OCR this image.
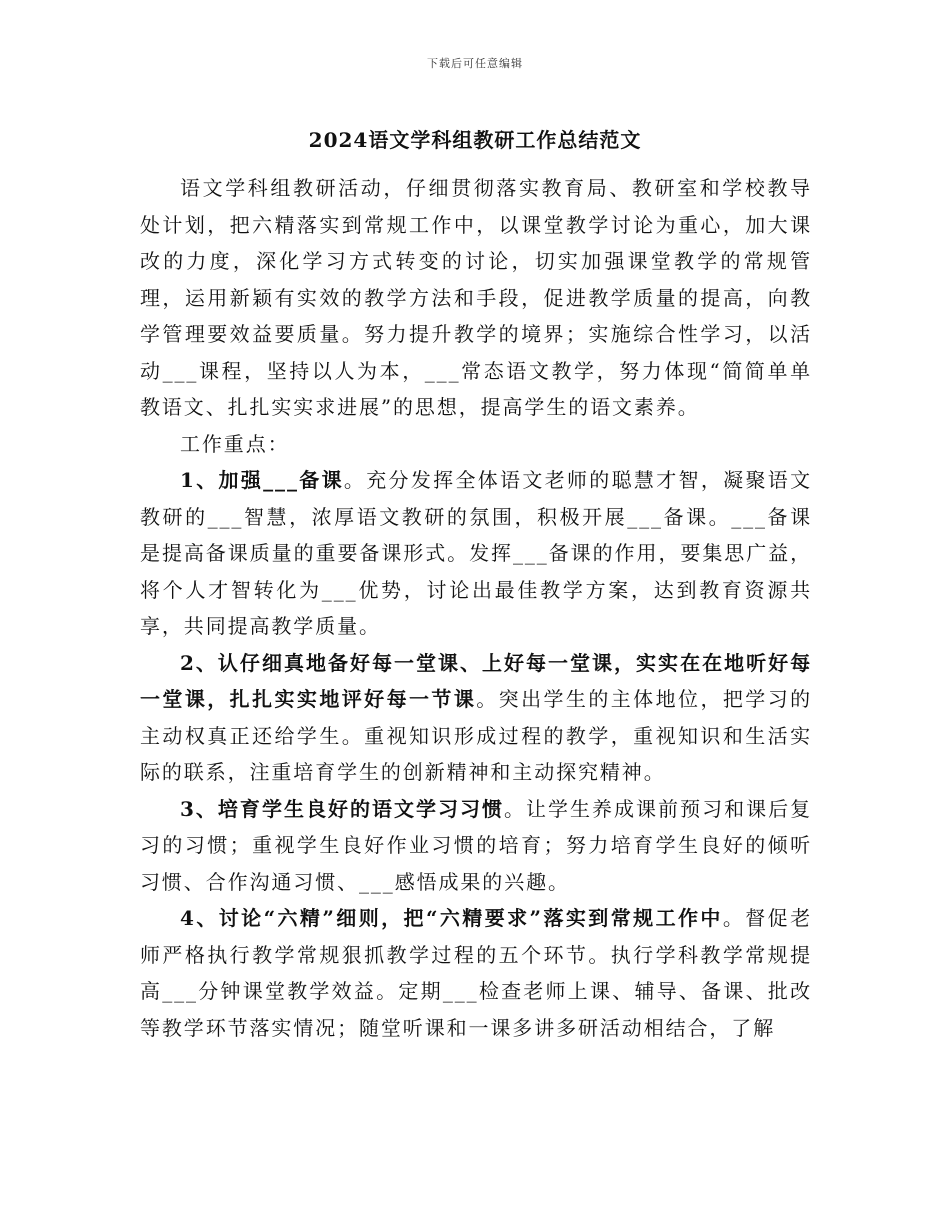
下载后可任意编辑
2024语文学科组教研工作总结范文

语文学科组教研活动，仔细贯彻落实教育局、教研室和学校教导处计划，把六精落实到常规工作中，以课堂教学讨论为重心，加大课改的力度，深化学习方式转变的讨论，切实加强课堂教学的常规管理，运用新颖有实效的教学方法和手段，促进教学质量的提高，向教学管理要效益要质量。努力提升教学的境界；实施综合性学习，以活动___课程，坚持以人为本，___常态语文教学，努力体现“简简单单教语文、扎扎实实求进展”的思想，提高学生的语文素养。

工作重点：

1、加强___备课。充分发挥全体语文老师的聪慧才智，凝聚语文教研的___智慧，浓厚语文教研的氛围，积极开展___备课。___备课是提高备课质量的重要备课形式。发挥___备课的作用，要集思广益，将个人才智转化为___优势，讨论出最佳教学方案，达到教育资源共享，共同提高教学质量。

2、认仔细真地备好每一堂课、上好每一堂课，实实在在地听好每一堂课，扎扎实实地评好每一节课。突出学生的主体地位，把学习的主动权真正还给学生。重视知识形成过程的教学，重视知识和生活实际的联系，注重培育学生的创新精神和主动探究精神。

3、培育学生良好的语文学习习惯。让学生养成课前预习和课后复习的习惯；重视学生良好作业习惯的培育；努力培育学生良好的倾听习惯、合作沟通习惯、___感悟成果的兴趣。

4、讨论“六精”细则，把“六精要求”落实到常规工作中。督促老师严格执行教学常规狠抓教学过程的五个环节。执行学科教学常规提高___分钟课堂教学效益。定期___检查老师上课、辅导、备课、批改等教学环节落实情况；随堂听课和一课多讲多研活动相结合，了解
